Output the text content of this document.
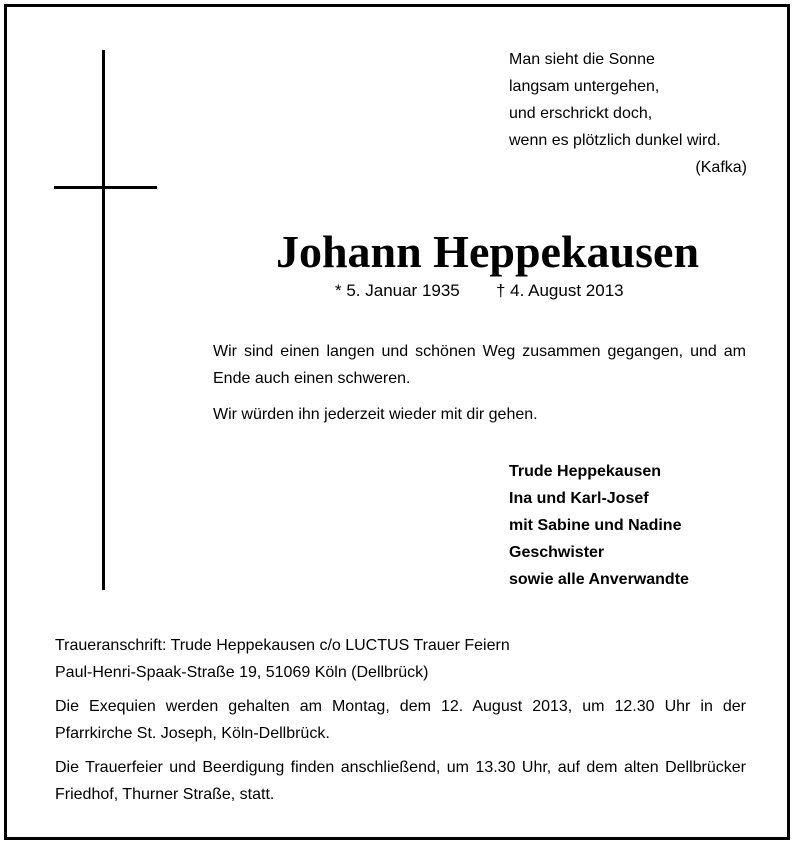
Man sieht die Sonne
langsam untergehen,
und erschrickt doch,
wenn es plötzlich dunkel wird.
(Kafka)
Johann Heppekausen
* 5. Januar 1935 † 4. August 2013

Wir sind einen langen und schönen Weg zusammen gegangen, und am Ende auch einen schweren.

Wir würden ihn jederzeit wieder mit dir gehen.

Trude Heppekausen
Ina und Karl-Josef
mit Sabine und Nadine
Geschwister
sowie alle Anverwandte

Traueranschrift: Trude Heppekausen c/o LUCTUS Trauer Feiern
Paul-Henri-Spaak-Straße 19, 51069 Köln (Dellbrück)

Die Exequien werden gehalten am Montag, dem 12. August 2013, um 12.30 Uhr in der Pfarrkirche St. Joseph, Köln-Dellbrück.

Die Trauerfeier und Beerdigung finden anschließend, um 13.30 Uhr, auf dem alten Dellbrücker Friedhof, Thurner Straße, statt.
